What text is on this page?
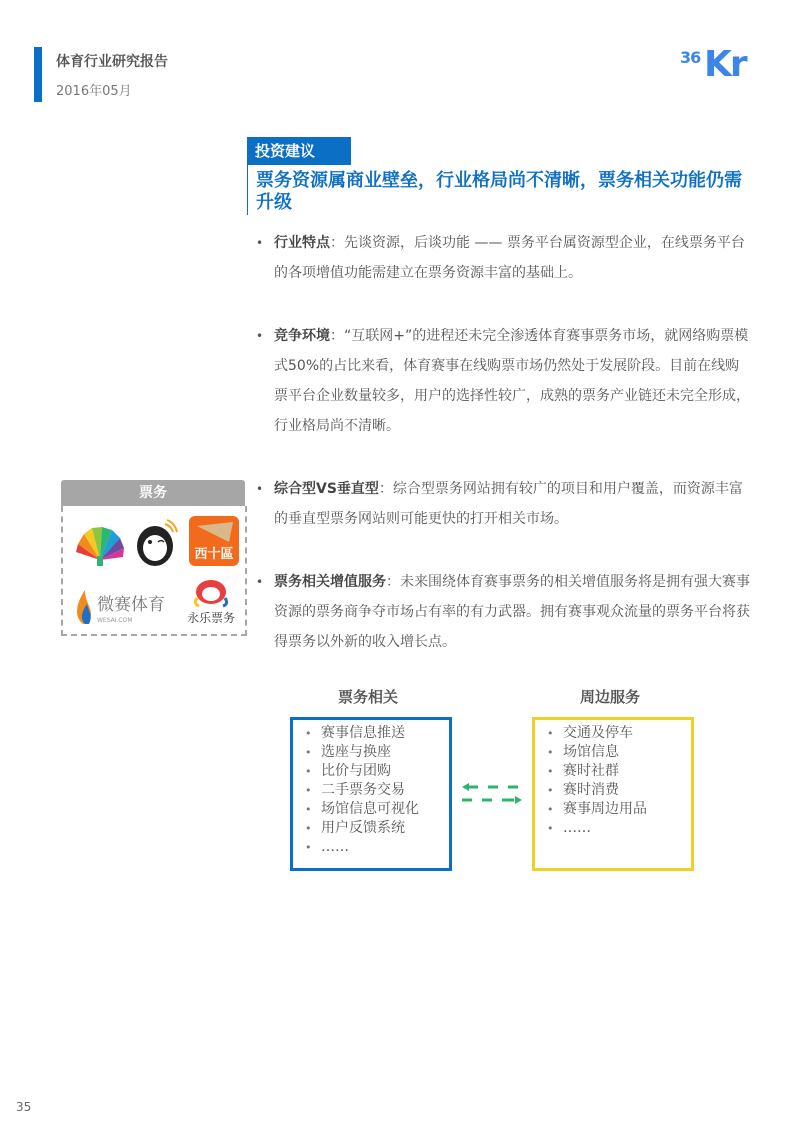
体育行业研究报告
2016年05月
36 Kr
投资建议
票务资源属商业壁垒，行业格局尚不清晰，票务相关功能仍需升级
• 行业特点：先谈资源，后谈功能 —— 票务平台属资源型企业，在线票务平台的各项增值功能需建立在票务资源丰富的基础上。
• 竞争环境：“互联网+”的进程还未完全渗透体育赛事票务市场，就网络购票模式50%的占比来看，体育赛事在线购票市场仍然处于发展阶段。目前在线购票平台企业数量较多，用户的选择性较广，成熟的票务产业链还未完全形成，行业格局尚不清晰。
• 综合型VS垂直型：综合型票务网站拥有较广的项目和用户覆盖，而资源丰富的垂直型票务网站则可能更快的打开相关市场。
• 票务相关增值服务：未来围绕体育赛事票务的相关增值服务将是拥有强大赛事资源的票务商争夺市场占有率的有力武器。拥有赛事观众流量的票务平台将获得票务以外新的收入增长点。
票务
西十區
微赛体育
WESAI.COM	永乐票务
票务相关	周边服务
• 赛事信息推送
• 选座与换座
• 比价与团购
• 二手票务交易
• 场馆信息可视化
• 用户反馈系统
• ……
• 交通及停车
• 场馆信息
• 赛时社群
• 赛时消费
• 赛事周边用品
• ……
35
